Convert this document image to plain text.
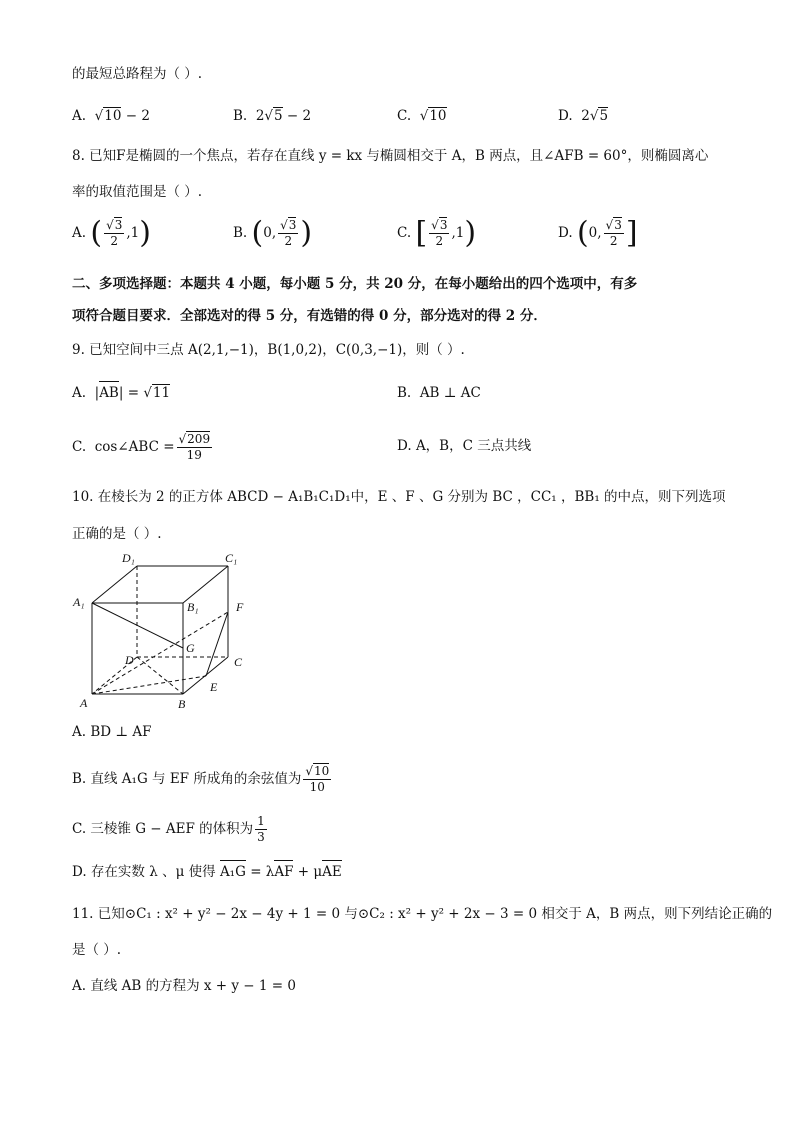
的最短总路程为（ ）.
A.  √10 − 2	B. 2√5 − 2	C.  √10	D. 2√5
8. 已知F是椭圆的一个焦点，若存在直线 y = kx 与椭圆相交于 A，B 两点，且∠AFB = 60°，则椭圆离心
率的取值范围是（ ）.
A. ( $\frac{√3}{2} ,1$)	B. (0, $\frac{√3}{2}$ )	C. [ $\frac{√3}{2} ,1$)	D. (0, $\frac{√3}{2}$ ]
二、多项选择题：本题共 4 小题，每小题 5 分，共 20 分，在每小题给出的四个选项中，有多
项符合题目要求．全部选对的得 5 分，有选错的得 0 分，部分选对的得 2 分．
9. 已知空间中三点 A(2,1,−1)，B(1,0,2)，C(0,3,−1)，则（ ）.
A.  |AB| = √11	B. AB ⊥ AC
C. cos∠ABC = $\frac{√209}{19}$	D. A，B，C 三点共线
10. 在棱长为 2 的正方体 ABCD − A₁B₁C₁D₁中，E 、F 、G 分别为 BC ，CC₁ ，BB₁ 的中点，则下列选项
正确的是（ ）.
D₁	C₁
A₁	B₁	F
G
D	C
E
A	B
A. BD ⊥ AF
B. 直线 A₁G 与 EF 所成角的余弦值为 $\frac{√10}{10}$
C. 三棱锥 G − AEF 的体积为 $\frac{1}{3}$
D. 存在实数 λ 、μ 使得 A₁G = λAF + μAE
11. 已知⊙C₁ : x² + y² − 2x − 4y + 1 = 0 与⊙C₂ : x² + y² + 2x − 3 = 0 相交于 A，B 两点，则下列结论正确的
是（ ）.
A. 直线 AB 的方程为 x + y − 1 = 0
